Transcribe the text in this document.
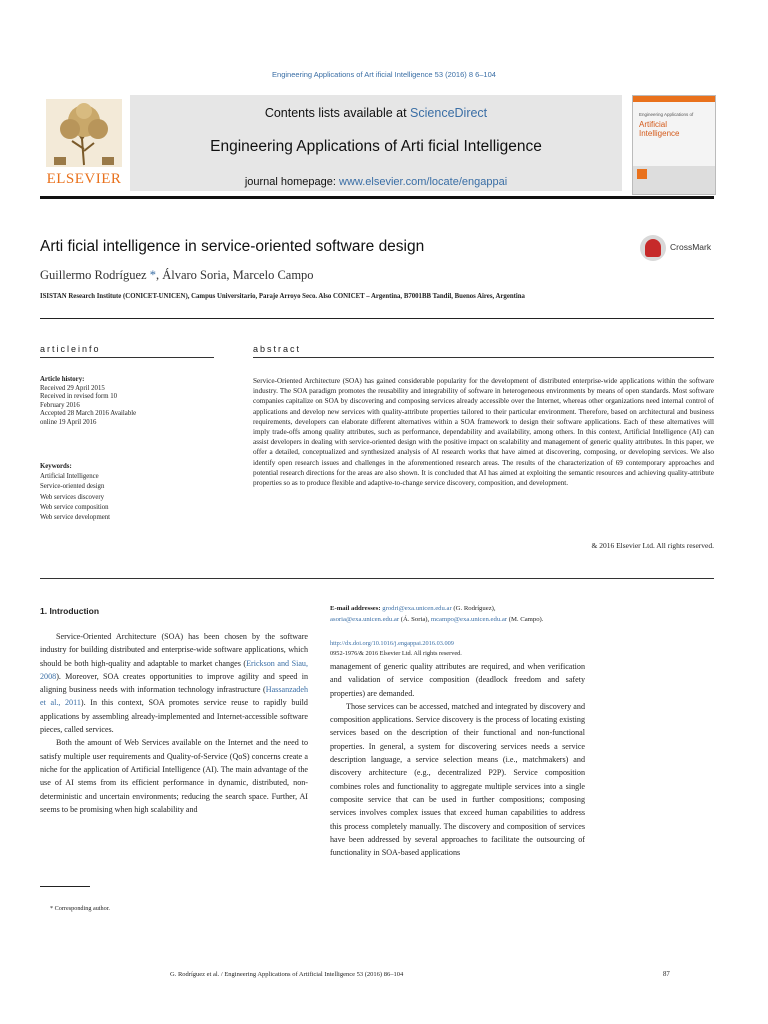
Engineering Applications of Art ificial Intelligence 53 (2016) 8 6–104
ELSEVIER
Contents lists available at ScienceDirect
Engineering Applications of Arti ficial Intelligence
journal homepage: www.elsevier.com/locate/engappai
Engineering Applications of
Artificial
Intelligence
Arti ficial intelligence in service-oriented software design	CrossMark
Guillermo Rodríguez *, Álvaro Soria, Marcelo Campo
ISISTAN Research Institute (CONICET-UNICEN), Campus Universitario, Paraje Arroyo Seco. Also CONICET – Argentina, B7001BB Tandil, Buenos Aires, Argentina
articleinfo	abstract
Article history:
Received 29 April 2015
Received in revised form 10
February 2016
Accepted 28 March 2016 Available
online 19 April 2016
Keywords:
Artificial Intelligence
Service-oriented design
Web services discovery
Web service composition
Web service development
Service-Oriented Architecture (SOA) has gained considerable popularity for the development of distributed enterprise-wide applications within the software industry. The SOA paradigm promotes the reusability and integrability of software in heterogeneous environments by means of open standards. Most software companies capitalize on SOA by discovering and composing services already accessible over the Internet, whereas other organizations need internal control of applications and develop new services with quality-attribute properties tailored to their particular environment. Therefore, based on architectural and business requirements, developers can elaborate different alternatives within a SOA framework to design their software applications. Each of these alternatives will imply trade-offs among quality attributes, such as performance, dependability and availability, among others. In this context, Artificial Intelligence (AI) can assist developers in dealing with service-oriented design with the positive impact on scalability and management of generic quality attributes. In this paper, we offer a detailed, conceptualized and synthesized analysis of AI research works that have aimed at discovering, composing, or developing services. We also identify open research issues and challenges in the aforementioned research areas. The results of the characterization of 69 contemporary approaches and potential research directions for the areas are also shown. It is concluded that AI has aimed at exploiting the semantic resources and achieving quality-attribute properties so as to produce flexible and adaptive-to-change service discovery, composition, and development.
& 2016 Elsevier Ltd. All rights reserved.
1. Introduction

Service-Oriented Architecture (SOA) has been chosen by the software industry for building distributed and enterprise-wide software applications, which should be both high-quality and adaptable to market changes (Erickson and Siau, 2008). Moreover, SOA creates opportunities to improve agility and speed in aligning business needs with information technology infrastructure (Hassanzadeh et al., 2011). In this context, SOA promotes service reuse to rapidly build applications by assembling already-implemented and Internet-accessible software pieces, called services.

Both the amount of Web Services available on the Internet and the need to satisfy multiple user requirements and Quality-of-Service (QoS) concerns create a niche for the application of Artificial Intelligence (AI). The main advantage of the use of AI stems from its efficient performance in dynamic, distributed, non-deterministic and uncertain environments; reducing the search space. Further, AI seems to be promising when high scalability and

* Corresponding author.
E-mail addresses: grodri@exa.unicen.edu.ar (G. Rodríguez),
asoria@exa.unicen.edu.ar (Á. Soria), mcampo@exa.unicen.edu.ar (M. Campo).
http://dx.doi.org/10.1016/j.engappai.2016.03.009
0952-1976/& 2016 Elsevier Ltd. All rights reserved.

management of generic quality attributes are required, and when verification and validation of service composition (deadlock freedom and safety properties) are demanded.

Those services can be accessed, matched and integrated by discovery and composition applications. Service discovery is the process of locating existing services based on the description of their functional and non-functional properties. In general, a system for discovering services needs a service description language, a service selection means (i.e., matchmakers) and discovery architecture (e.g., decentralized P2P). Service composition combines roles and functionality to aggregate multiple services into a single composite service that can be used in further compositions; composing services involves complex issues that exceed human capabilities to address this process completely manually. The discovery and composition of services have been addressed by several approaches to facilitate the outsourcing of functionality in SOA-based applications

G. Rodríguez et al. / Engineering Applications of Artificial Intelligence 53 (2016) 86–104	87
